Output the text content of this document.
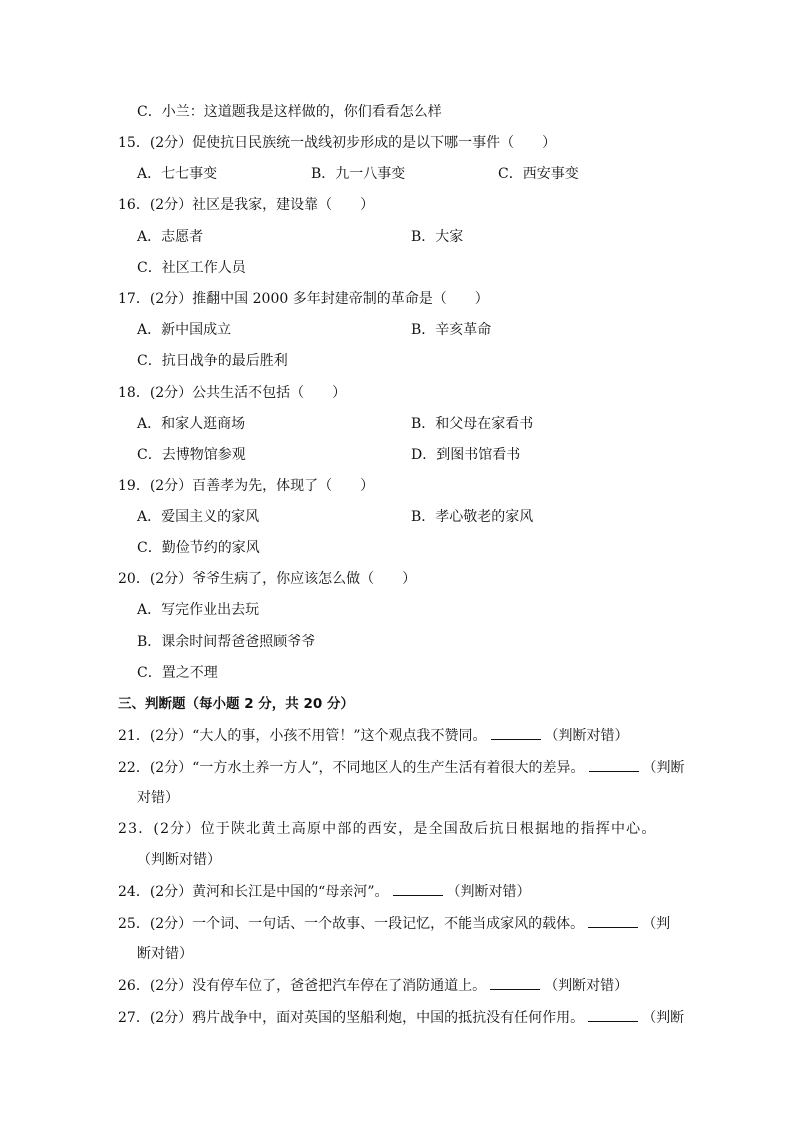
C．小兰：这道题我是这样做的，你们看看怎么样
15．(2分）促使抗日民族统一战线初步形成的是以下哪一事件（　　）
A．七七事变	B．九一八事变	C．西安事变
16．(2分）社区是我家，建设靠（　　）
A．志愿者	B．大家
C．社区工作人员
17．(2分）推翻中国 2000 多年封建帝制的革命是（　　）
A．新中国成立	B．辛亥革命
C．抗日战争的最后胜利
18．(2分）公共生活不包括（　　）
A．和家人逛商场	B．和父母在家看书
C．去博物馆参观	D．到图书馆看书
19．(2分）百善孝为先，体现了（　　）
A．爱国主义的家风	B．孝心敬老的家风
C．勤俭节约的家风
20．(2分）爷爷生病了，你应该怎么做（　　）
A．写完作业出去玩
B．课余时间帮爸爸照顾爷爷
C．置之不理
三、判断题（每小题 2 分，共 20 分）
21．(2分）“大人的事，小孩不用管！”这个观点我不赞同。	（判断对错）
22．(2分）“一方水土养一方人”，不同地区人的生产生活有着很大的差异。	（判断
对错）
23．(2分）位于陕北黄土高原中部的西安，是全国敌后抗日根据地的指挥中心。
（判断对错）
24．(2分）黄河和长江是中国的“母亲河”。	（判断对错）
25．(2分）一个词、一句话、一个故事、一段记忆，不能当成家风的载体。	（判
断对错）
26．(2分）没有停车位了，爸爸把汽车停在了消防通道上。	（判断对错）
27．(2分）鸦片战争中，面对英国的坚船利炮，中国的抵抗没有任何作用。	（判断
